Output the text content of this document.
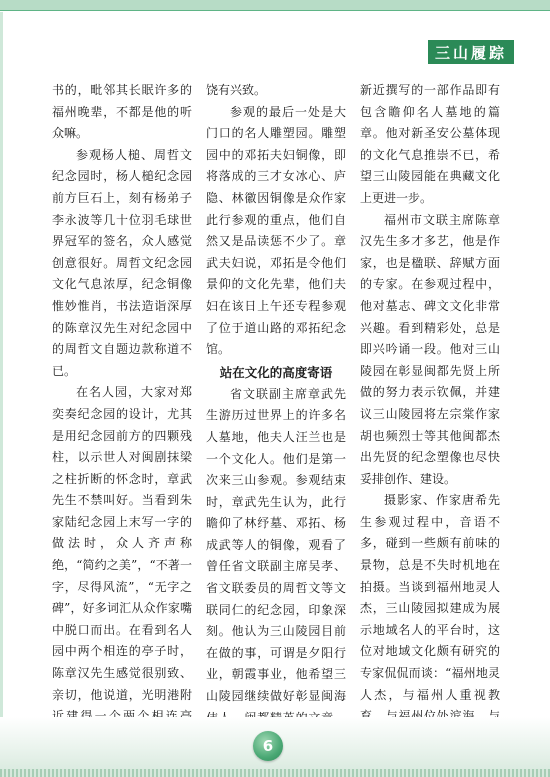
三山履踪

书的，毗邻其长眠许多的福州晚辈，不都是他的听众嘛。

参观杨人槌、周哲文纪念园时，杨人槌纪念园前方巨石上，刻有杨弟子李永波等几十位羽毛球世界冠军的签名，众人感觉创意很好。周哲文纪念园文化气息浓厚，纪念铜像惟妙惟肖，书法造诣深厚的陈章汉先生对纪念园中的周哲文自题边款称道不已。

在名人园，大家对郑奕奏纪念园的设计，尤其是用纪念园前方的四颗残柱，以示世人对闽剧抹梁之柱折断的怀念时，章武先生不禁叫好。当看到朱家陆纪念园上末写一字的做法时，众人齐声称绝，“简约之美”，“不著一字，尽得风流”，“无字之碑”，好多词汇从众作家嘴中脱口而出。在看到名人园中两个相连的亭子时，陈章汉先生感觉很别致、亲切，他说道，光明港附

饶有兴致。

参观的最后一处是大门口的名人雕塑园。雕塑园中的邓拓夫妇铜像，即将落成的三才女冰心、庐隐、林徽因铜像是众作家此行参观的重点，他们自然又是品读惩不少了。章武夫妇说，邓拓是令他们景仰的文化先辈，他们夫妇在该日上午还专程参观了位于道山路的邓拓纪念馆。

站在文化的高度寄语

省文联副主席章武先生游历过世界上的许多名人墓地，他夫人汪兰也是一个文化人。他们是第一次来三山参观。参观结束时，章武先生认为，此行瞻仰了林纾墓、邓拓、杨成武等人的铜像，观看了曾任省文联副主席吴孝、省文联委员的周哲文等文联同仁的纪念园，印象深刻。他认为三山陵园目前在做的事，可谓是夕阳行业，朝霞事业，他希望三山陵园继续做好彰显闽海

新近撰写的一部作品即有包含瞻仰名人墓地的篇章。他对新圣安公墓体现的文化气息推崇不已，希望三山陵园能在典藏文化上更进一步。

福州市文联主席陈章汉先生多才多艺，他是作家，也是楹联、辞赋方面的专家。在参观过程中，他对墓志、碑文文化非常兴趣。看到精彩处，总是即兴吟诵一段。他对三山陵园在彰显闽都先贤上所做的努力表示钦佩，并建议三山陵园将左宗棠作家胡也频烈士等其他闽都杰出先贤的纪念塑像也尽快妥排创作、建设。

摄影家、作家唐希先生参观过程中，音语不多，碰到一些颇有前味的景物，总是不失时机地在拍摄。当谈到福州地灵人杰，三山陵园拟建成为展示地域名人的平台时，这位对地域文化颇有研究的专家侃侃而谈：“福州地灵人杰，与福州人重视教

6
